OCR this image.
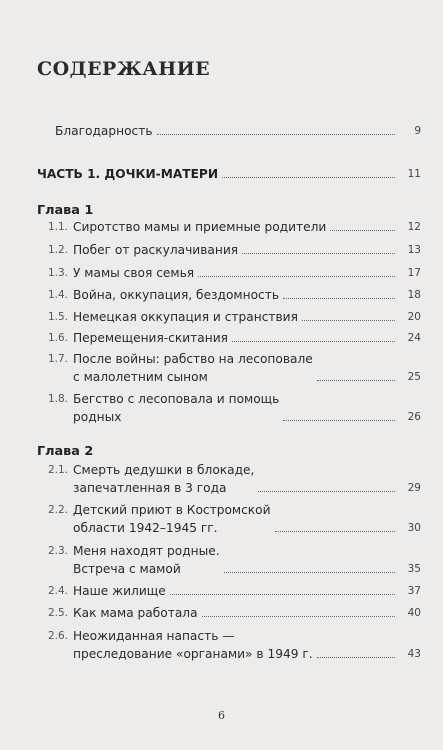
СОДЕРЖАНИЕ
Благодарность	9
ЧАСТЬ 1. ДОЧКИ-МАТЕРИ	11
Глава 1
1.1. Сиротство мамы и приемные родители	12
1.2. Побег от раскулачивания	13
1.3. У мамы своя семья	17
1.4. Война, оккупация, бездомность	18
1.5. Немецкая оккупация и странствия	20
1.6. Перемещения-скитания	24
1.7. После войны: рабство на лесоповале
с малолетним сыном	25
1.8. Бегство с лесоповала и помощь
родных	26
Глава 2
2.1. Смерть дедушки в блокаде,
запечатленная в 3 года	29
2.2. Детский приют в Костромской
области 1942–1945 гг.	30
2.3. Меня находят родные.
Встреча с мамой	35
2.4. Наше жилище	37
2.5. Как мама работала	40
2.6. Неожиданная напасть —
преследование «органами» в 1949 г.	43
6
